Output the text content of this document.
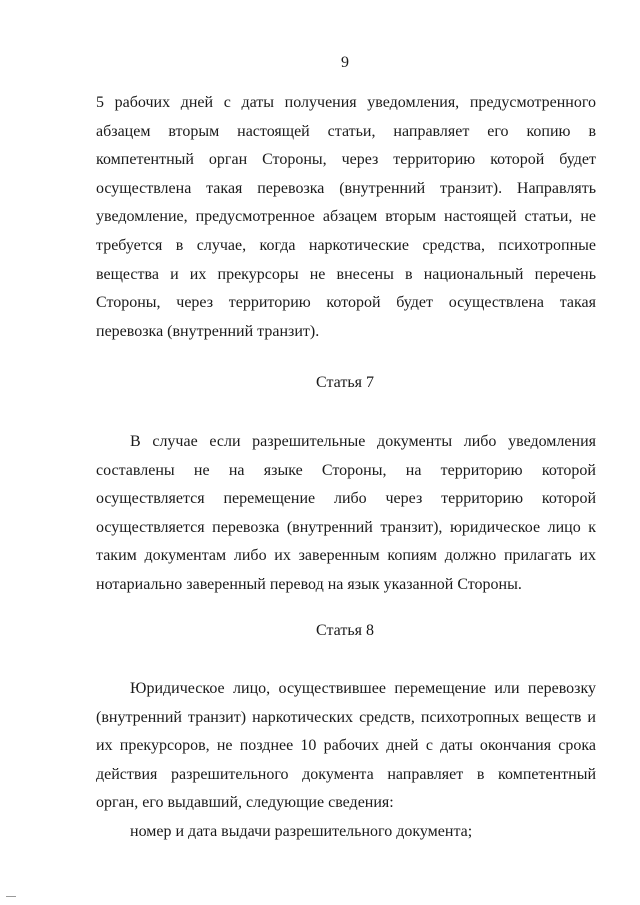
9
5 рабочих дней с даты получения уведомления, предусмотренного
абзацем вторым настоящей статьи, направляет его копию в
компетентный орган Стороны, через территорию которой будет
осуществлена такая перевозка (внутренний транзит). Направлять
уведомление, предусмотренное абзацем вторым настоящей статьи, не
требуется в случае, когда наркотические средства, психотропные
вещества и их прекурсоры не внесены в национальный перечень
Стороны, через территорию которой будет осуществлена такая
перевозка (внутренний транзит).
Статья 7
В случае если разрешительные документы либо уведомления
составлены не на языке Стороны, на территорию которой
осуществляется перемещение либо через территорию которой
осуществляется перевозка (внутренний транзит), юридическое лицо к
таким документам либо их заверенным копиям должно прилагать их
нотариально заверенный перевод на язык указанной Стороны.
Статья 8
Юридическое лицо, осуществившее перемещение или перевозку
(внутренний транзит) наркотических средств, психотропных веществ и
их прекурсоров, не позднее 10 рабочих дней с даты окончания срока
действия разрешительного документа направляет в компетентный
орган, его выдавший, следующие сведения:
номер и дата выдачи разрешительного документа;
